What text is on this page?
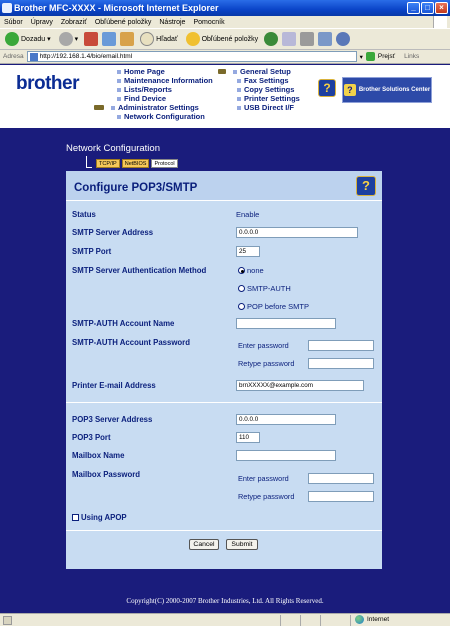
Brother MFC-XXXX - Microsoft Internet Explorer	_	□	×
Súbor Úpravy Zobraziť Obľúbené položky Nástroje Pomocník
Dozadu ▾	▾	Hľadať	Obľúbené položky
Adresa http://192.168.1.4/bio/email.html	▾ Prejsť Links
brother
Home Page
Maintenance Information
Lists/Reports
Find Device
Administrator Settings
Network Configuration
General Setup
Fax Settings
Copy Settings
Printer Settings
USB Direct I/F
?	?	Brother Solutions Center
Network Configuration
TCP/IP	NetBIOS	Protocol
Configure POP3/SMTP	?
Status	Enable
SMTP Server Address	0.0.0.0
SMTP Port	25
SMTP Server Authentication Method	none
SMTP-AUTH
POP before SMTP
SMTP-AUTH Account Name
SMTP-AUTH Account Password	Enter password
Retype password
Printer E-mail Address	brnXXXXX@example.com
POP3 Server Address	0.0.0.0
POP3 Port	110
Mailbox Name
Mailbox Password	Enter password
Retype password
Using APOP
Cancel	Submit
Copyright(C) 2000-2007 Brother Industries, Ltd. All Rights Reserved.
Internet
